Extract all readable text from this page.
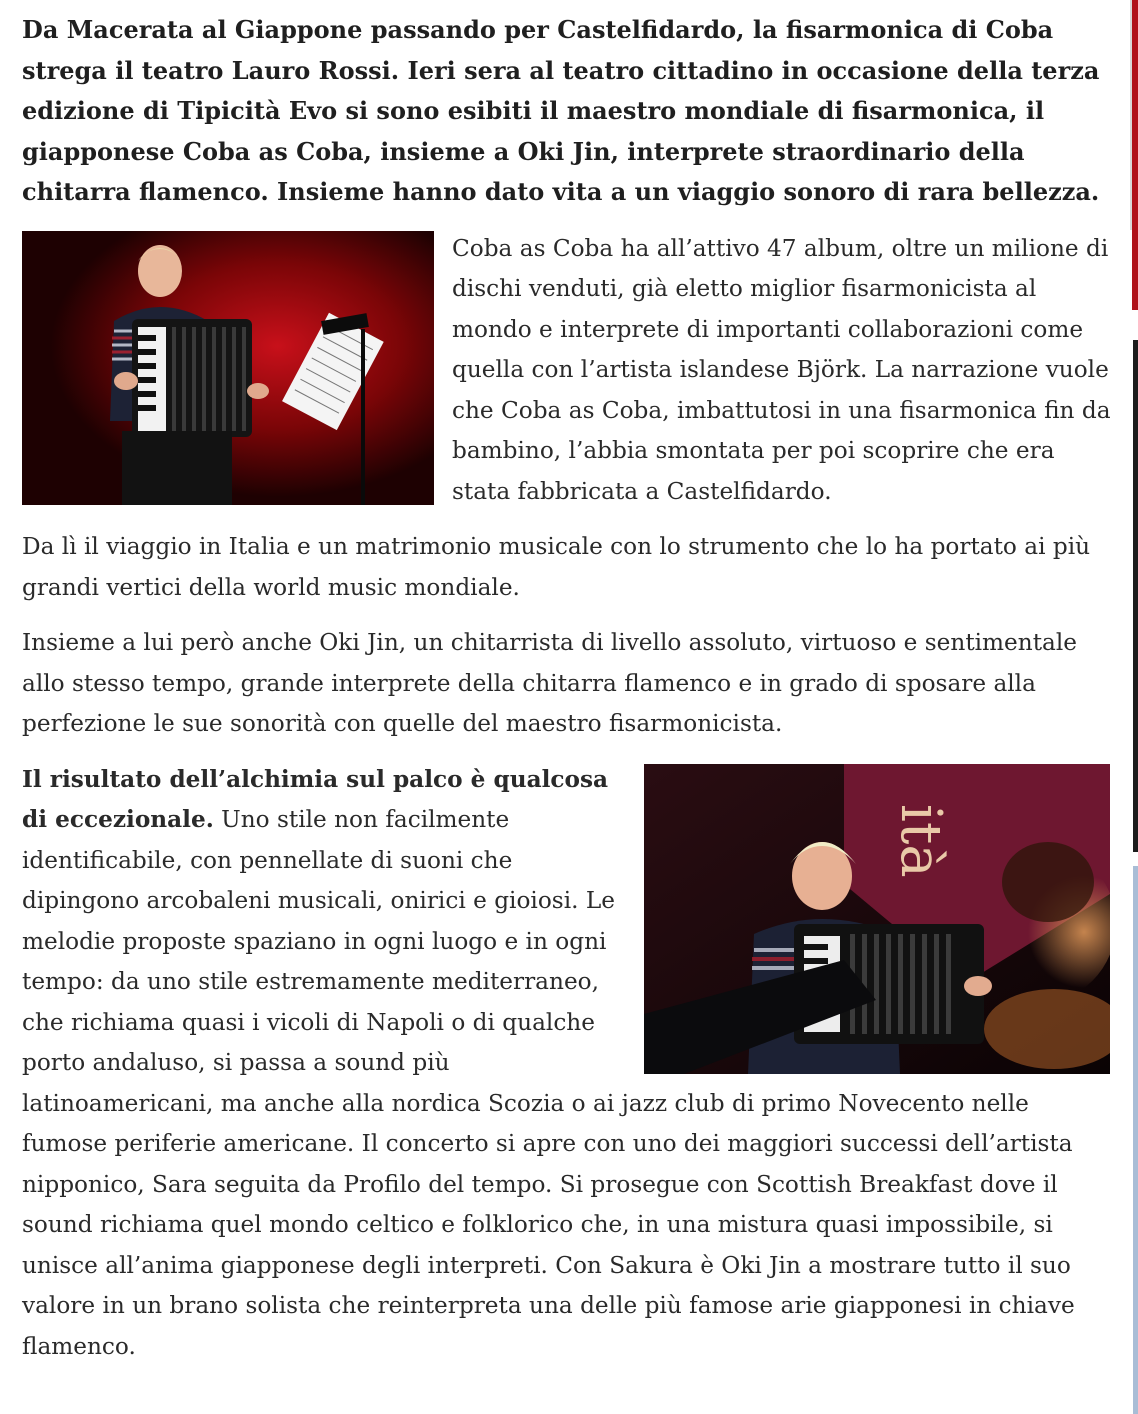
Da Macerata al Giappone passando per Castelfidardo, la fisarmonica di Coba strega il teatro Lauro Rossi. Ieri sera al teatro cittadino in occasione della terza edizione di Tipicità Evo si sono esibiti il maestro mondiale di fisarmonica, il giapponese Coba as Coba, insieme a Oki Jin, interprete straordinario della chitarra flamenco. Insieme hanno dato vita a un viaggio sonoro di rara bellezza.

Coba as Coba ha all’attivo 47 album, oltre un milione di dischi venduti, già eletto miglior fisarmonicista al mondo e interprete di importanti collaborazioni come quella con l’artista islandese Björk. La narrazione vuole che Coba as Coba, imbattutosi in una fisarmonica fin da bambino, l’abbia smontata per poi scoprire che era stata fabbricata a Castelfidardo.

Da lì il viaggio in Italia e un matrimonio musicale con lo strumento che lo ha portato ai più grandi vertici della world music mondiale.

Insieme a lui però anche Oki Jin, un chitarrista di livello assoluto, virtuoso e sentimentale allo stesso tempo, grande interprete della chitarra flamenco e in grado di sposare alla perfezione le sue sonorità con quelle del maestro fisarmonicista.

ità

Il risultato dell’alchimia sul palco è qualcosa di eccezionale. Uno stile non facilmente identificabile, con pennellate di suoni che dipingono arcobaleni musicali, onirici e gioiosi. Le melodie proposte spaziano in ogni luogo e in ogni tempo: da uno stile estremamente mediterraneo, che richiama quasi i vicoli di Napoli o di qualche porto andaluso, si passa a sound più latinoamericani, ma anche alla nordica Scozia o ai jazz club di primo Novecento nelle fumose periferie americane. Il concerto si apre con uno dei maggiori successi dell’artista nipponico, Sara seguita da Profilo del tempo. Si prosegue con Scottish Breakfast dove il sound richiama quel mondo celtico e folklorico che, in una mistura quasi impossibile, si unisce all’anima giapponese degli interpreti. Con Sakura è Oki Jin a mostrare tutto il suo valore in un brano solista che reinterpreta una delle più famose arie giapponesi in chiave flamenco.
